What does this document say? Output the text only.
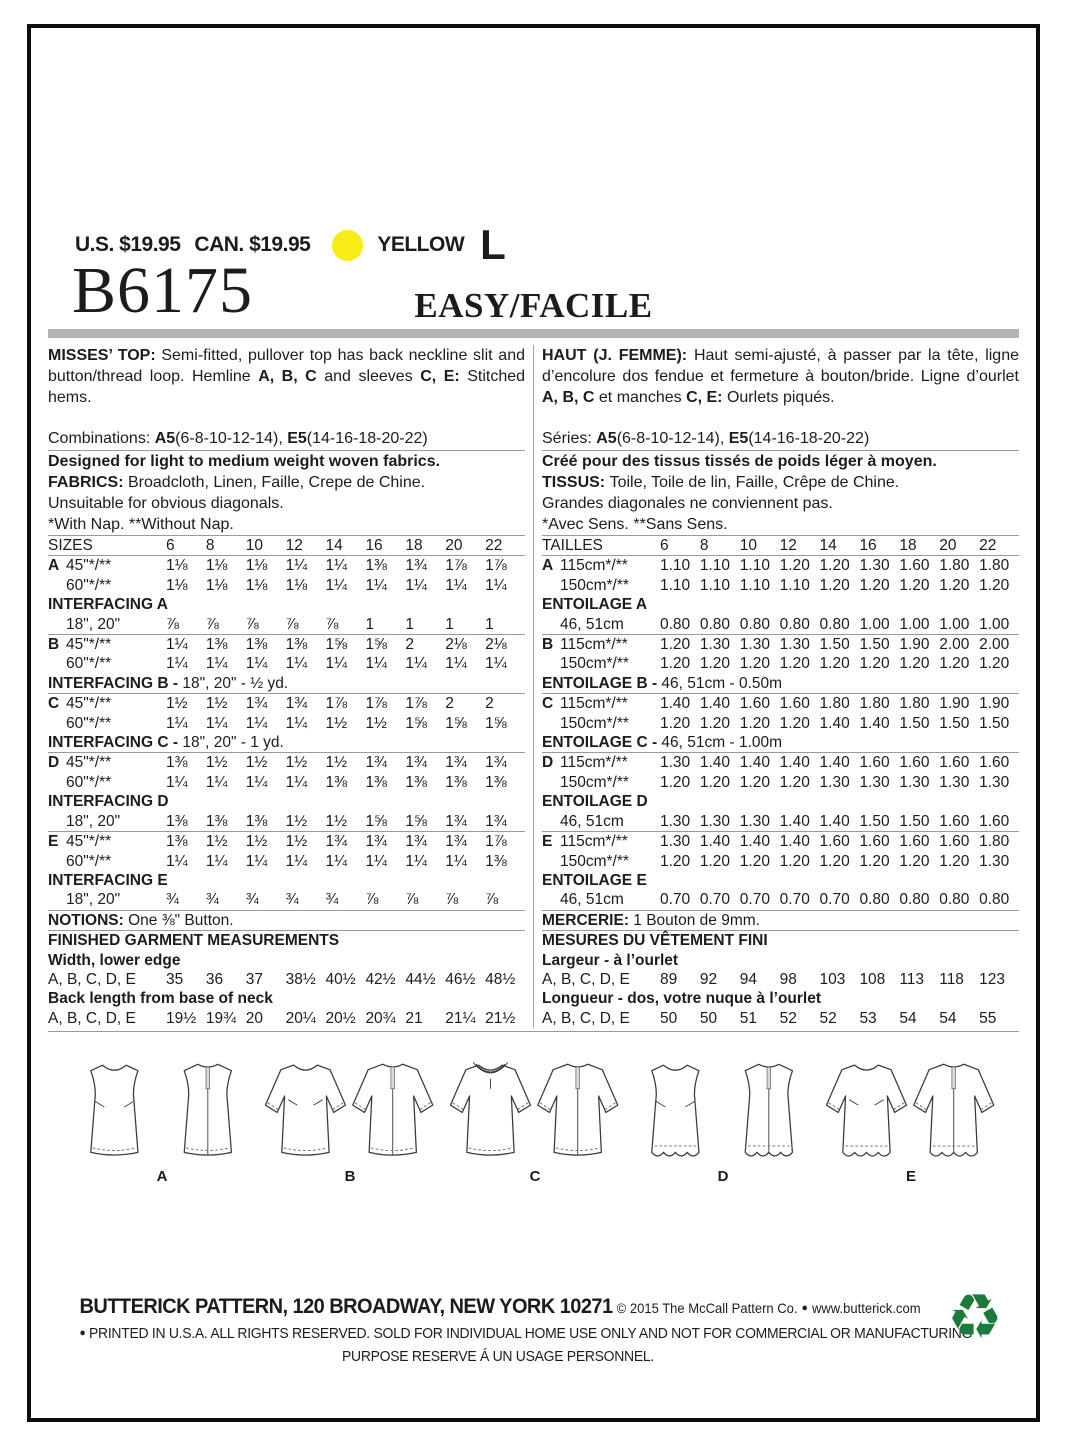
U.S. $19.95 CAN. $19.95	YELLOW L
B6175	EASY/FACILE

MISSES’ TOP: Semi-fitted, pullover top has back neckline slit and button/thread loop. Hemline A, B, C and sleeves C, E: Stitched hems.

Combinations: A5(6-8-10-12-14), E5(14-16-18-20-22)

Designed for light to medium weight woven fabrics.

FABRICS: Broadcloth, Linen, Faille, Crepe de Chine.

Unsuitable for obvious diagonals.

*With Nap. **Without Nap.

SIZES	6	8	10	12	14	16	18	20	22
A 45"*/**	1⅛	1⅛	1⅛	1¼	1¼	1⅜	1¾	1⅞	1⅞
60"*/**	1⅛	1⅛	1⅛	1⅛	1¼	1¼	1¼	1¼	1¼
INTERFACING A
18", 20"	⅞	⅞	⅞	⅞	⅞	1	1	1	1
B 45"*/**	1¼	1⅜	1⅜	1⅜	1⅝	1⅝	2	2⅛	2⅛
60"*/**	1¼	1¼	1¼	1¼	1¼	1¼	1¼	1¼	1¼
INTERFACING B - 18", 20" - ½ yd.
C 45"*/**	1½	1½	1¾	1¾	1⅞	1⅞	1⅞	2	2
60"*/**	1¼	1¼	1¼	1¼	1½	1½	1⅝	1⅝	1⅝
INTERFACING C - 18", 20" - 1 yd.
D 45"*/**	1⅜	1½	1½	1½	1½	1¾	1¾	1¾	1¾
60"*/**	1¼	1¼	1¼	1¼	1⅜	1⅜	1⅜	1⅜	1⅜
INTERFACING D
18", 20"	1⅜	1⅜	1⅜	1½	1½	1⅝	1⅝	1¾	1¾
E 45"*/**	1⅜	1½	1½	1½	1¾	1¾	1¾	1¾	1⅞
60"*/**	1¼	1¼	1¼	1¼	1¼	1¼	1¼	1¼	1⅜
INTERFACING E
18", 20"	¾	¾	¾	¾	¾	⅞	⅞	⅞	⅞
NOTIONS: One ⅜" Button.
FINISHED GARMENT MEASUREMENTS
Width, lower edge
A, B, C, D, E	35	36	37	38½ 40½ 42½ 44½ 46½ 48½
Back length from base of neck
A, B, C, D, E	19½ 19¾ 20	20¼ 20½ 20¾ 21	21¼ 21½

HAUT (J. FEMME): Haut semi-ajusté, à passer par la tête, ligne d’encolure dos fendue et fermeture à bouton/bride. Ligne d’ourlet A, B, C et manches C, E: Ourlets piqués.

Séries: A5(6-8-10-12-14), E5(14-16-18-20-22)

Créé pour des tissus tissés de poids léger à moyen.

TISSUS: Toile, Toile de lin, Faille, Crêpe de Chine.

Grandes diagonales ne conviennent pas.

*Avec Sens. **Sans Sens.

TAILLES	6	8	10	12	14	16	18	20	22
A 115cm*/**	1.10 1.10 1.10 1.20 1.20 1.30 1.60 1.80 1.80
150cm*/**	1.10 1.10 1.10 1.10 1.20 1.20 1.20 1.20 1.20
ENTOILAGE A
46, 51cm	0.80 0.80 0.80 0.80 0.80 1.00 1.00 1.00 1.00
B 115cm*/**	1.20 1.30 1.30 1.30 1.50 1.50 1.90 2.00 2.00
150cm*/**	1.20 1.20 1.20 1.20 1.20 1.20 1.20 1.20 1.20
ENTOILAGE B - 46, 51cm - 0.50m
C 115cm*/**	1.40 1.40 1.60 1.60 1.80 1.80 1.80 1.90 1.90
150cm*/**	1.20 1.20 1.20 1.20 1.40 1.40 1.50 1.50 1.50
ENTOILAGE C - 46, 51cm - 1.00m
D 115cm*/**	1.30 1.40 1.40 1.40 1.40 1.60 1.60 1.60 1.60
150cm*/**	1.20 1.20 1.20 1.20 1.30 1.30 1.30 1.30 1.30
ENTOILAGE D
46, 51cm	1.30 1.30 1.30 1.40 1.40 1.50 1.50 1.60 1.60
E 115cm*/**	1.30 1.40 1.40 1.40 1.60 1.60 1.60 1.60 1.80
150cm*/**	1.20 1.20 1.20 1.20 1.20 1.20 1.20 1.20 1.30
ENTOILAGE E
46, 51cm	0.70 0.70 0.70 0.70 0.70 0.80 0.80 0.80 0.80
MERCERIE: 1 Bouton de 9mm.
MESURES DU VÊTEMENT FINI
Largeur - à l’ourlet
A, B, C, D, E	89	92	94	98	103 108 113 118 123
Longueur - dos, votre nuque à l’ourlet
A, B, C, D, E	50	50	51	52	52	53	54	54	55
A	B	C	D	E
BUTTERICK PATTERN, 120 BROADWAY, NEW YORK 10271 © 2015 The McCall Pattern Co. ● www.butterick.com
● PRINTED IN U.S.A. ALL RIGHTS RESERVED. SOLD FOR INDIVIDUAL HOME USE ONLY AND NOT FOR COMMERCIAL OR MANUFACTURING
PURPOSE RESERVE Á UN USAGE PERSONNEL.
♻
